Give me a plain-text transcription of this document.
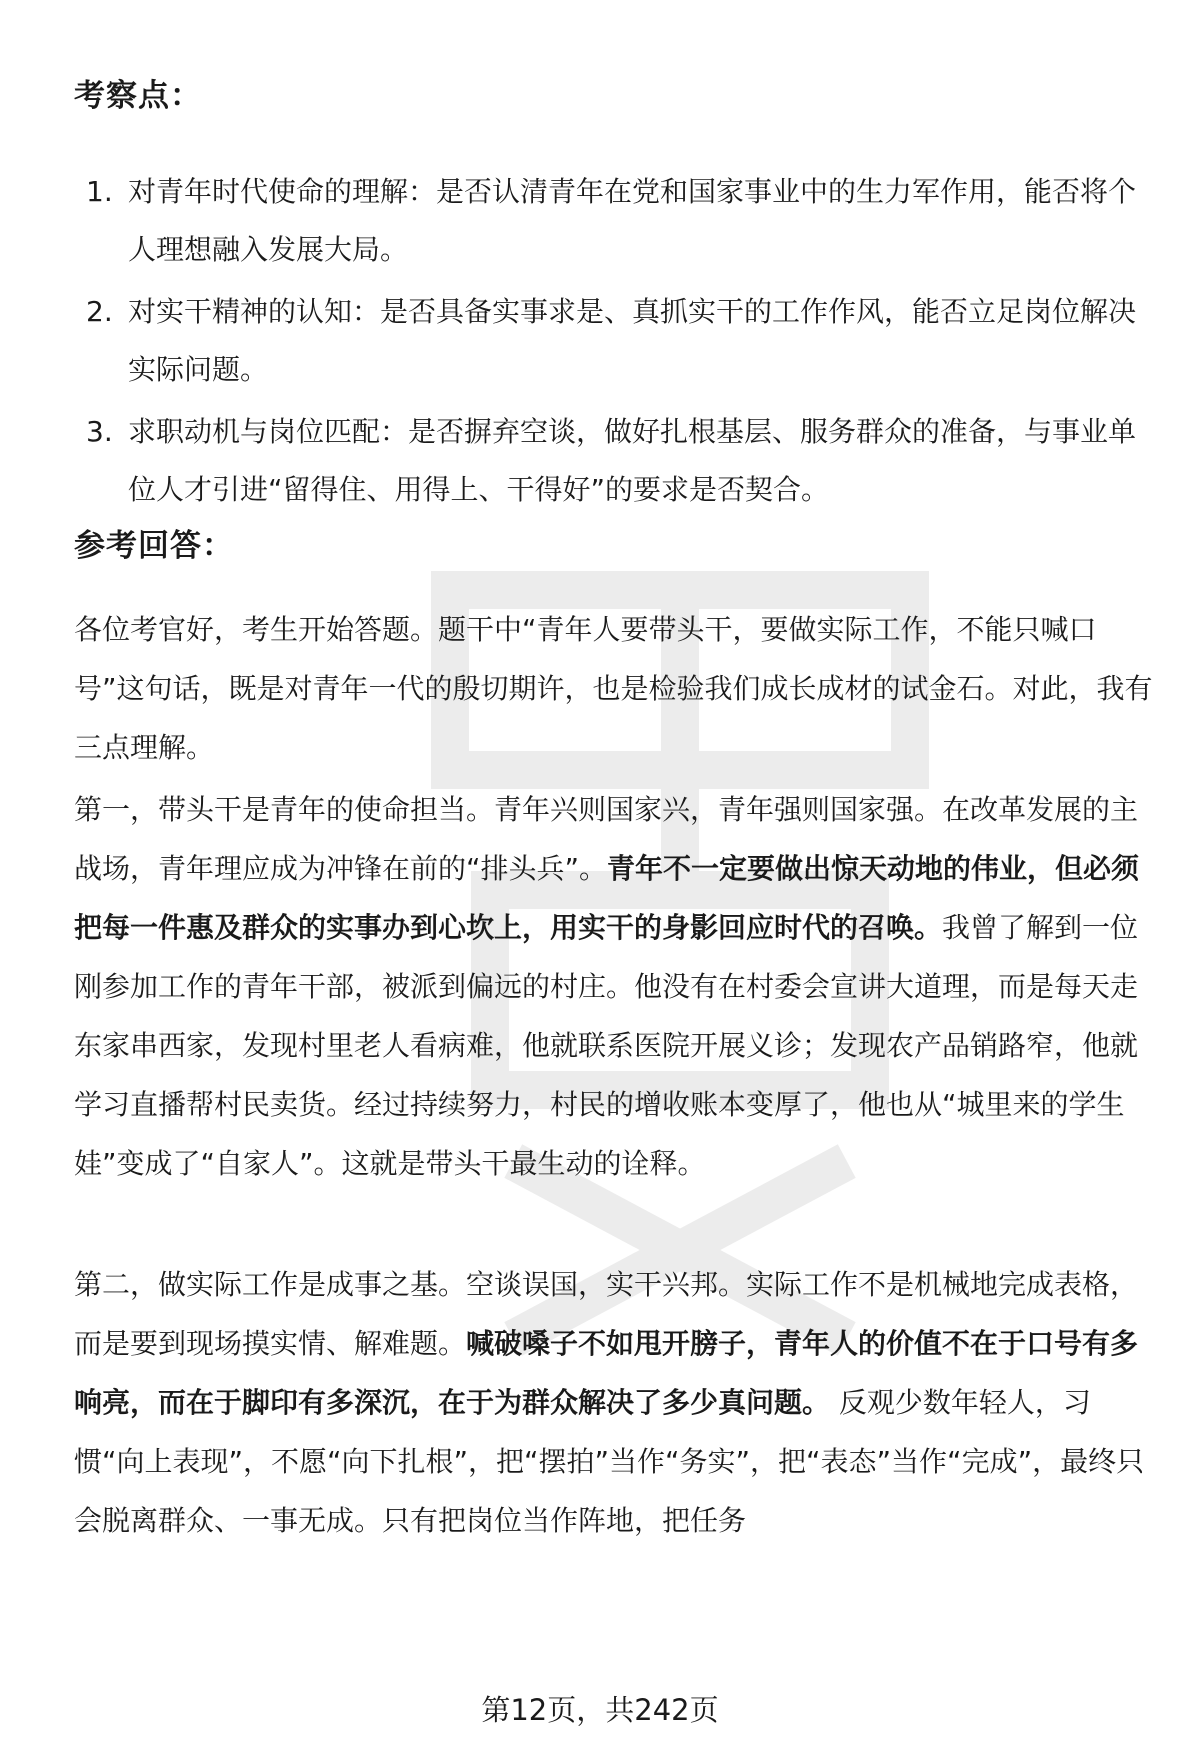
考察点：
1. 对青年时代使命的理解：是否认清青年在党和国家事业中的生力军作用，能否将个人理想融入发展大局。
2. 对实干精神的认知：是否具备实事求是、真抓实干的工作作风，能否立足岗位解决实际问题。
3. 求职动机与岗位匹配：是否摒弃空谈，做好扎根基层、服务群众的准备，与事业单位人才引进“留得住、用得上、干得好”的要求是否契合。
参考回答：

各位考官好，考生开始答题。题干中“青年人要带头干，要做实际工作，不能只喊口号”这句话，既是对青年一代的殷切期许，也是检验我们成长成材的试金石。对此，我有三点理解。

第一，带头干是青年的使命担当。青年兴则国家兴，青年强则国家强。在改革发展的主战场，青年理应成为冲锋在前的“排头兵”。青年不一定要做出惊天动地的伟业，但必须把每一件惠及群众的实事办到心坎上，用实干的身影回应时代的召唤。我曾了解到一位刚参加工作的青年干部，被派到偏远的村庄。他没有在村委会宣讲大道理，而是每天走东家串西家，发现村里老人看病难，他就联系医院开展义诊；发现农产品销路窄，他就学习直播帮村民卖货。经过持续努力，村民的增收账本变厚了，他也从“城里来的学生娃”变成了“自家人”。这就是带头干最生动的诠释。

第二，做实际工作是成事之基。空谈误国，实干兴邦。实际工作不是机械地完成表格，而是要到现场摸实情、解难题。喊破嗓子不如甩开膀子，青年人的价值不在于口号有多响亮，而在于脚印有多深沉，在于为群众解决了多少真问题。 反观少数年轻人，习惯“向上表现”，不愿“向下扎根”，把“摆拍”当作“务实”，把“表态”当作“完成”，最终只会脱离群众、一事无成。只有把岗位当作阵地，把任务

第12页，共242页
